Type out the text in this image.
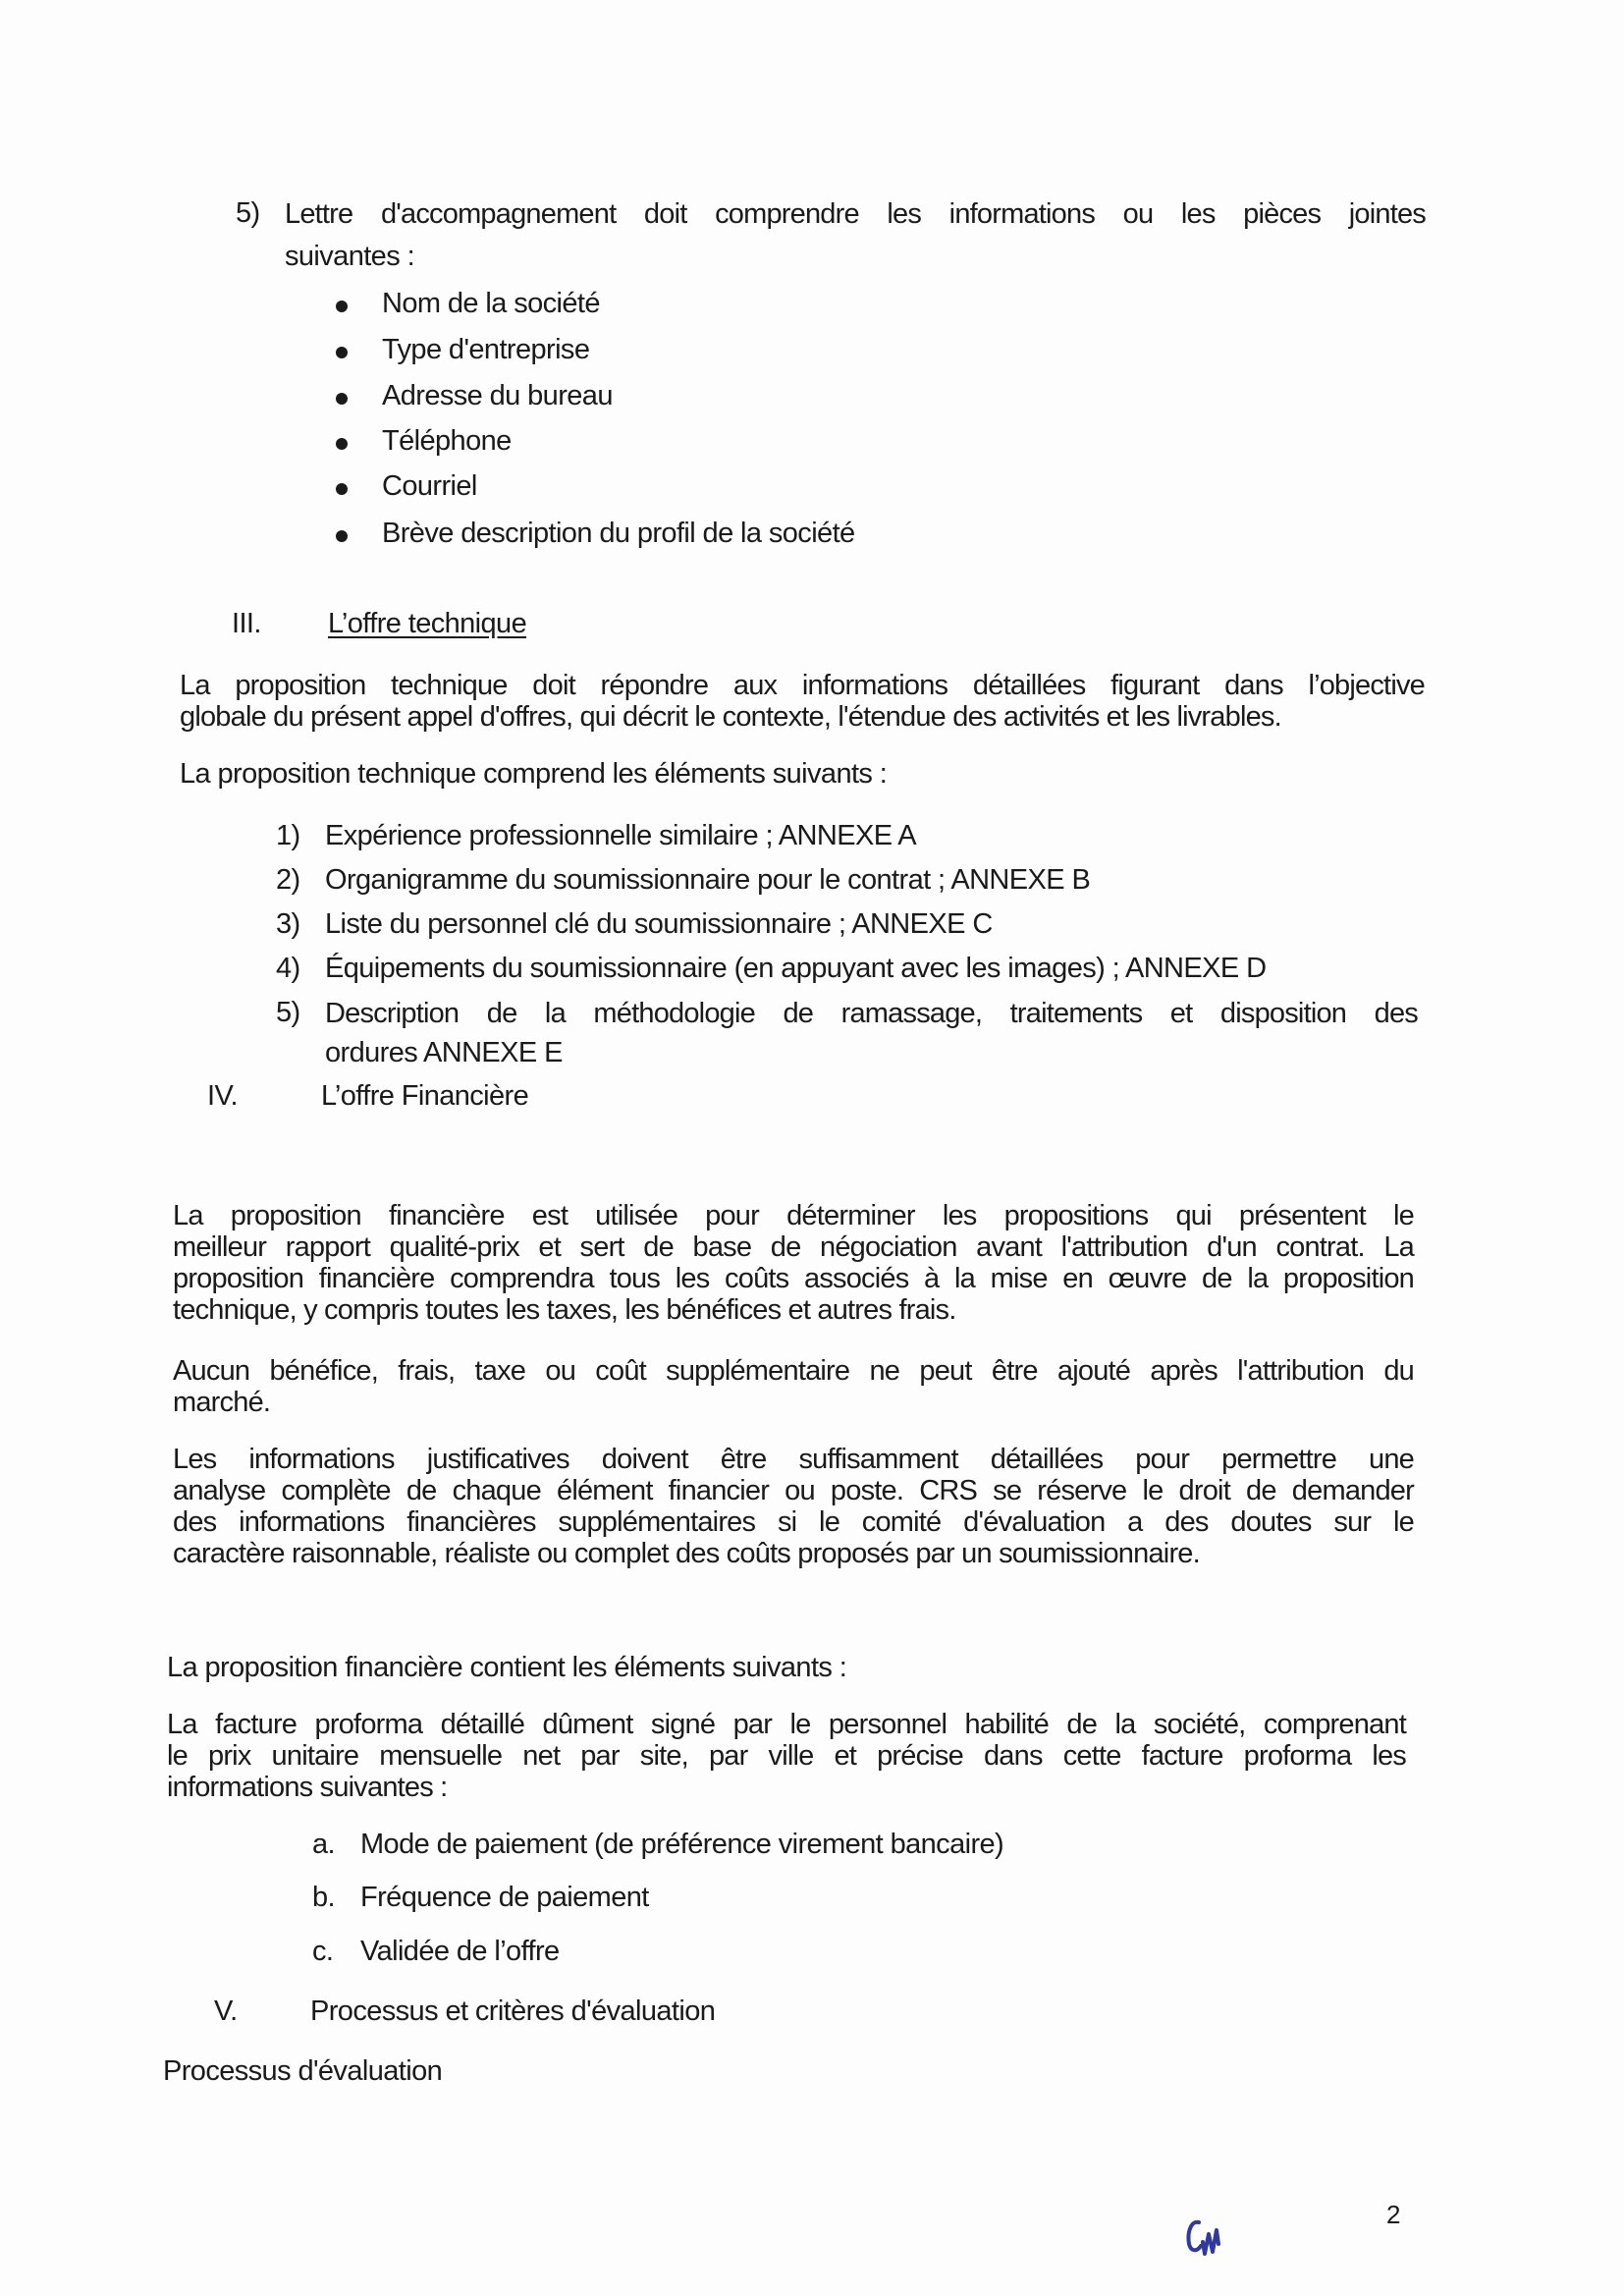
5) Lettre d'accompagnement doit comprendre les informations ou les pièces jointes
suivantes :
Nom de la société
Type d'entreprise
Adresse du bureau
Téléphone
Courriel
Brève description du profil de la société
III. L’offre technique
La proposition technique doit répondre aux informations détaillées figurant dans l’objective
globale du présent appel d'offres, qui décrit le contexte, l'étendue des activités et les livrables.
La proposition technique comprend les éléments suivants :
1) Expérience professionnelle similaire ; ANNEXE A
2) Organigramme du soumissionnaire pour le contrat ; ANNEXE B
3) Liste du personnel clé du soumissionnaire ; ANNEXE C
4) Équipements du soumissionnaire (en appuyant avec les images) ; ANNEXE D
5) Description de la méthodologie de ramassage, traitements et disposition des
ordures ANNEXE E
IV.	L’offre Financière
La proposition financière est utilisée pour déterminer les propositions qui présentent le
meilleur rapport qualité-prix et sert de base de négociation avant l'attribution d'un contrat. La
proposition financière comprendra tous les coûts associés à la mise en œuvre de la proposition
technique, y compris toutes les taxes, les bénéfices et autres frais.
Aucun bénéfice, frais, taxe ou coût supplémentaire ne peut être ajouté après l'attribution du
marché.
Les informations justificatives doivent être suffisamment détaillées pour permettre une
analyse complète de chaque élément financier ou poste. CRS se réserve le droit de demander
des informations financières supplémentaires si le comité d'évaluation a des doutes sur le
caractère raisonnable, réaliste ou complet des coûts proposés par un soumissionnaire.
La proposition financière contient les éléments suivants :
La facture proforma détaillé dûment signé par le personnel habilité de la société, comprenant
le prix unitaire mensuelle net par site, par ville et précise dans cette facture proforma les
informations suivantes :
a. Mode de paiement (de préférence virement bancaire)
b. Fréquence de paiement
c. Validée de l’offre
V.	Processus et critères d'évaluation
Processus d'évaluation
2
